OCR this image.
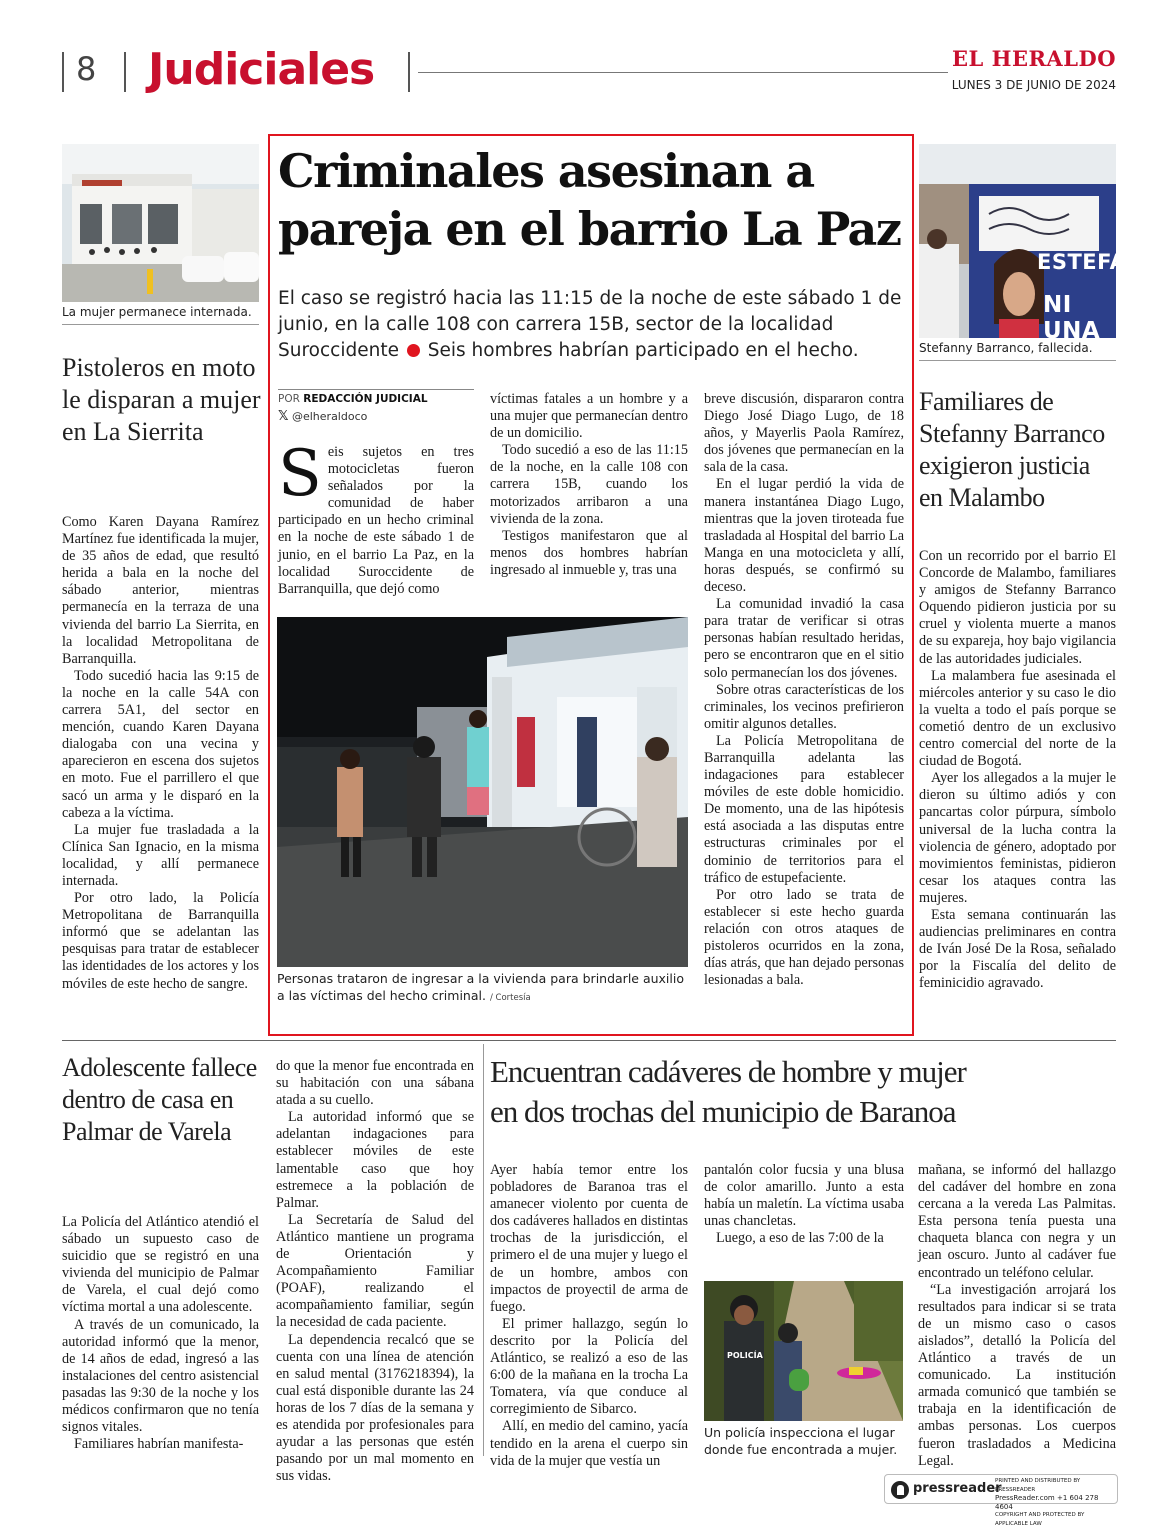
8 Judiciales	EL HERALDO
LUNES 3 DE JUNIO DE 2024
La mujer permanece internada.
Pistoleros en moto le disparan a mujer en La Sierrita

Como Karen Dayana Ramírez Martínez fue identificada la mujer, de 35 años de edad, que resultó herida a bala en la noche del sábado anterior, mientras permanecía en la terraza de una vivienda del barrio La Sierrita, en la localidad Metropolitana de Barranquilla.

Todo sucedió hacia las 9:15 de la noche en la calle 54A con carrera 5A1, del sector en mención, cuando Karen Dayana dialogaba con una vecina y aparecieron en escena dos sujetos en moto. Fue el parrillero el que sacó un arma y le disparó en la cabeza a la víctima.

La mujer fue trasladada a la Clínica San Ignacio, en la misma localidad, y allí permanece internada.

Por otro lado, la Policía Metropolitana de Barranquilla informó que se adelantan las pesquisas para tratar de establecer las identidades de los actores y los móviles de este hecho de sangre.

Criminales asesinan a
pareja en el barrio La Paz
El caso se registró hacia las 11:15 de la noche de este sábado 1 de junio, en la calle 108 con carrera 15B, sector de la localidad Suroccidente Seis hombres habrían participado en el hecho.
POR REDACCIÓN JUDICIAL
𝕏 @elheraldoco

S eis sujetos en tres motocicletas fueron señalados por la comunidad de haber participado en un hecho criminal en la noche de este sábado 1 de junio, en el barrio La Paz, en la localidad Suroccidente de Barranquilla, que dejó como

víctimas fatales a un hombre y a una mujer que permanecían dentro de un domicilio.

Todo sucedió a eso de las 11:15 de la noche, en la calle 108 con carrera 15B, cuando los motorizados arribaron a una vivienda de la zona.

Testigos manifestaron que al menos dos hombres habrían ingresado al inmueble y, tras una

Personas trataron de ingresar a la vivienda para brindarle auxilio a las víctimas del hecho criminal. / Cortesía

breve discusión, dispararon contra Diego José Diago Lugo, de 18 años, y Mayerlis Paola Ramírez, dos jóvenes que permanecían en la sala de la casa.

En el lugar perdió la vida de manera instantánea Diago Lugo, mientras que la joven tiroteada fue trasladada al Hospital del barrio La Manga en una motocicleta y allí, horas después, se confirmó su deceso.

La comunidad invadió la casa para tratar de verificar si otras personas habían resultado heridas, pero se encontraron que en el sitio solo permanecían los dos jóvenes.

Sobre otras características de los criminales, los vecinos prefirieron omitir algunos detalles.

La Policía Metropolitana de Barranquilla adelanta las indagaciones para establecer móviles de este doble homicidio. De momento, una de las hipótesis está asociada a las disputas entre estructuras criminales por el dominio de territorios para el tráfico de estupefaciente.

Por otro lado se trata de establecer si este hecho guarda relación con otros ataques de pistoleros ocurridos en la zona, días atrás, que han dejado personas lesionadas a bala.

ESTEFAN
NI UNA
Stefanny Barranco, fallecida.
Familiares de Stefanny Barranco exigieron justicia en Malambo

Con un recorrido por el barrio El Concorde de Malambo, familiares y amigos de Stefanny Barranco Oquendo pidieron justicia por su cruel y violenta muerte a manos de su expareja, hoy bajo vigilancia de las autoridades judiciales.

La malambera fue asesinada el miércoles anterior y su caso le dio la vuelta a todo el país porque se cometió dentro de un exclusivo centro comercial del norte de la ciudad de Bogotá.

Ayer los allegados a la mujer le dieron su último adiós y con pancartas color púrpura, símbolo universal de la lucha contra la violencia de género, adoptado por movimientos feministas, pidieron cesar los ataques contra las mujeres.

Esta semana continuarán las audiencias preliminares en contra de Iván José De la Rosa, señalado por la Fiscalía del delito de feminicidio agravado.

Adolescente fallece dentro de casa en Palmar de Varela

La Policía del Atlántico atendió el sábado un supuesto caso de suicidio que se registró en una vivienda del municipio de Palmar de Varela, el cual dejó como víctima mortal a una adolescente.

A través de un comunicado, la autoridad informó que la menor, de 14 años de edad, ingresó a las instalaciones del centro asistencial pasadas las 9:30 de la noche y los médicos confirmaron que no tenía signos vitales.

Familiares habrían manifesta-

do que la menor fue encontrada en su habitación con una sábana atada a su cuello.

La autoridad informó que se adelantan indagaciones para establecer móviles de este lamentable caso que hoy estremece a la población de Palmar.

La Secretaría de Salud del Atlántico mantiene un programa de Orientación y Acompañamiento Familiar (POAF), realizando el acompañamiento familiar, según la necesidad de cada paciente.

La dependencia recalcó que se cuenta con una línea de atención en salud mental (3176218394), la cual está disponible durante las 24 horas de los 7 días de la semana y es atendida por profesionales para ayudar a las personas que estén pasando por un mal momento en sus vidas.

Encuentran cadáveres de hombre y mujer
en dos trochas del municipio de Baranoa

Ayer había temor entre los pobladores de Baranoa tras el amanecer violento por cuenta de dos cadáveres hallados en distintas trochas de la jurisdicción, el primero el de una mujer y luego el de un hombre, ambos con impactos de proyectil de arma de fuego.

El primer hallazgo, según lo descrito por la Policía del Atlántico, se realizó a eso de las 6:00 de la mañana en la trocha La Tomatera, vía que conduce al corregimiento de Sibarco.

Allí, en medio del camino, yacía tendido en la arena el cuerpo sin vida de la mujer que vestía un

pantalón color fucsia y una blusa de color amarillo. Junto a esta había un maletín. La víctima usaba unas chancletas.

Luego, a eso de las 7:00 de la

POLICÍA
Un policía inspecciona el lugar donde fue encontrada a mujer.

mañana, se informó del hallazgo del cadáver del hombre en zona cercana a la vereda Las Palmitas. Esta persona tenía puesta una chaqueta blanca con negra y un jean oscuro. Junto al cadáver fue encontrado un teléfono celular.

“La investigación arrojará los resultados para indicar si se trata de un mismo caso o casos aislados”, detalló la Policía del Atlántico a través de un comunicado. La institución armada comunicó que también se trabaja en la identificación de ambas personas. Los cuerpos fueron trasladados a Medicina Legal.

pressreader
PRINTED AND DISTRIBUTED BY PRESSREADER
PressReader.com +1 604 278 4604
COPYRIGHT AND PROTECTED BY APPLICABLE LAW
